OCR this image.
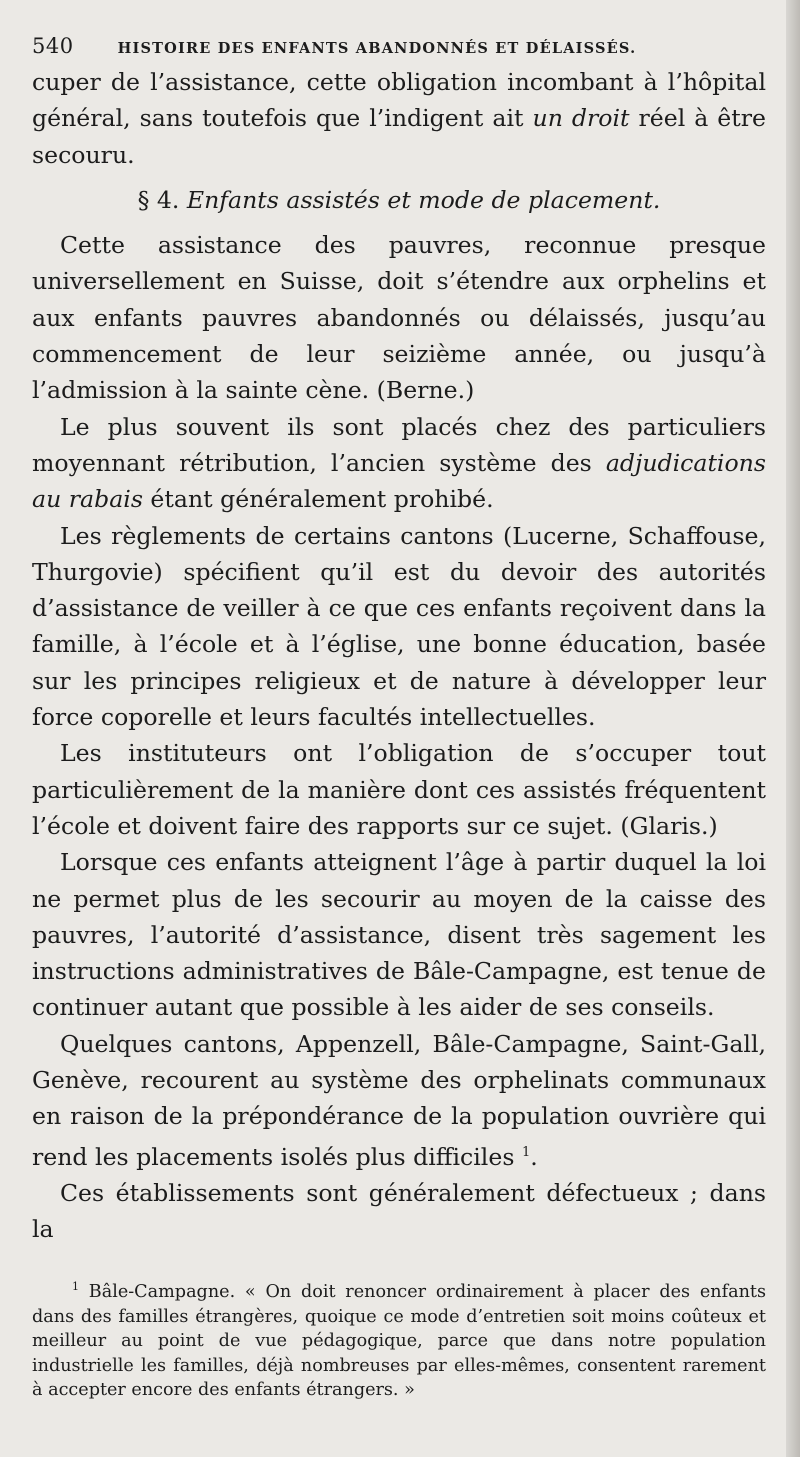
540	HISTOIRE DES ENFANTS ABANDONNÉS ET DÉLAISSÉS.

cuper de l’assistance, cette obligation incombant à l’hôpital général, sans toutefois que l’indigent ait un droit réel à être secouru.

§ 4. Enfants assistés et mode de placement.

Cette assistance des pauvres, reconnue presque universellement en Suisse, doit s’étendre aux orphelins et aux enfants pauvres abandonnés ou délaissés, jusqu’au commencement de leur seizième année, ou jusqu’à l’admission à la sainte cène. (Berne.)

Le plus souvent ils sont placés chez des particuliers moyennant rétribution, l’ancien système des adjudications au rabais étant généralement prohibé.

Les règlements de certains cantons (Lucerne, Schaffouse, Thurgovie) spécifient qu’il est du devoir des autorités d’assistance de veiller à ce que ces enfants reçoivent dans la famille, à l’école et à l’église, une bonne éducation, basée sur les principes religieux et de nature à développer leur force coporelle et leurs facultés intellectuelles.

Les instituteurs ont l’obligation de s’occuper tout particulièrement de la manière dont ces assistés fréquentent l’école et doivent faire des rapports sur ce sujet. (Glaris.)

Lorsque ces enfants atteignent l’âge à partir duquel la loi ne permet plus de les secourir au moyen de la caisse des pauvres, l’autorité d’assistance, disent très sagement les instructions administratives de Bâle-Campagne, est tenue de continuer autant que possible à les aider de ses conseils.

Quelques cantons, Appenzell, Bâle-Campagne, Saint-Gall, Genève, recourent au système des orphelinats communaux en raison de la prépondérance de la population ouvrière qui rend les placements isolés plus difficiles $^1$.

Ces établissements sont généralement défectueux ; dans la

$^1$ Bâle-Campagne. « On doit renoncer ordinairement à placer des enfants dans des familles étrangères, quoique ce mode d’entretien soit moins coûteux et meilleur au point de vue pédagogique, parce que dans notre population industrielle les familles, déjà nombreuses par elles-mêmes, consentent rarement à accepter encore des enfants étrangers. »
